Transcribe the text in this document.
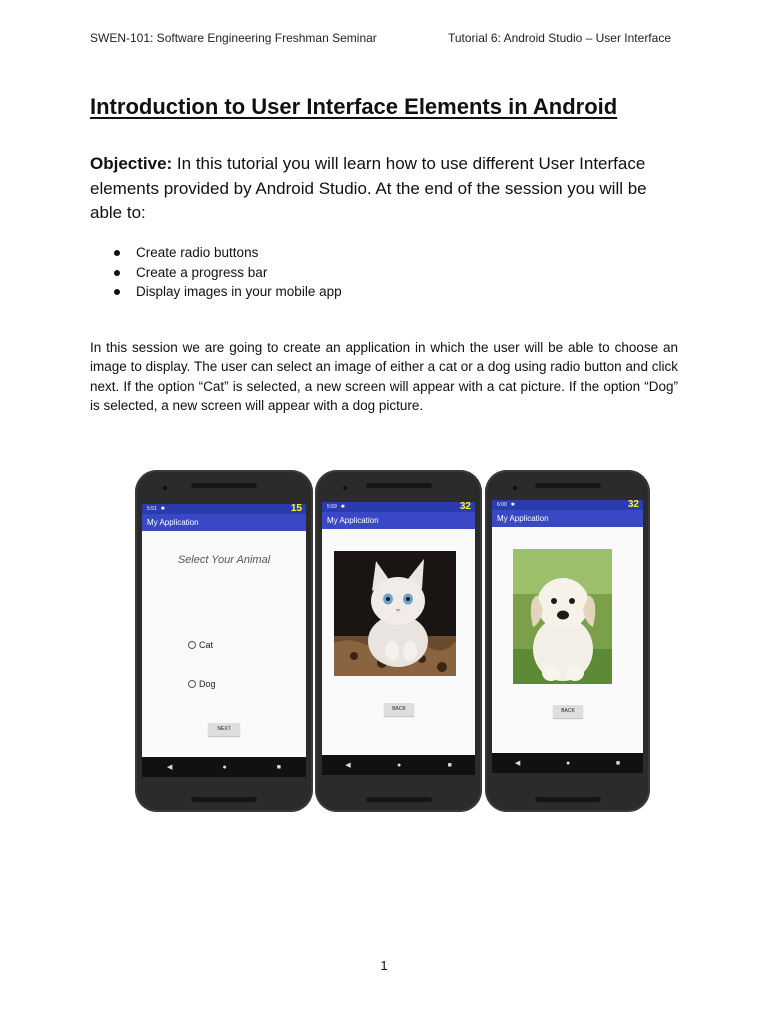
SWEN-101: Software Engineering Freshman Seminar	Tutorial 6: Android Studio – User Interface
Introduction to User Interface Elements in Android

Objective: In this tutorial you will learn how to use different User Interface elements provided by Android Studio. At the end of the session you will be able to:

Create radio buttons
Create a progress bar
Display images in your mobile app

In this session we are going to create an application in which the user will be able to choose an image to display. The user can select an image of either a cat or a dog using radio button and click next. If the option “Cat” is selected, a new screen will appear with a cat picture. If the option “Dog” is selected, a new screen will appear with a dog picture.

5:51 ✱	15
My Application
Select Your Animal
Cat
Dog
NEXT
◀	●	■
5:59 ✱	32
My Application
BACK
◀	●	■
6:00 ✱	32
My Application
BACK
◀	●	■
1
